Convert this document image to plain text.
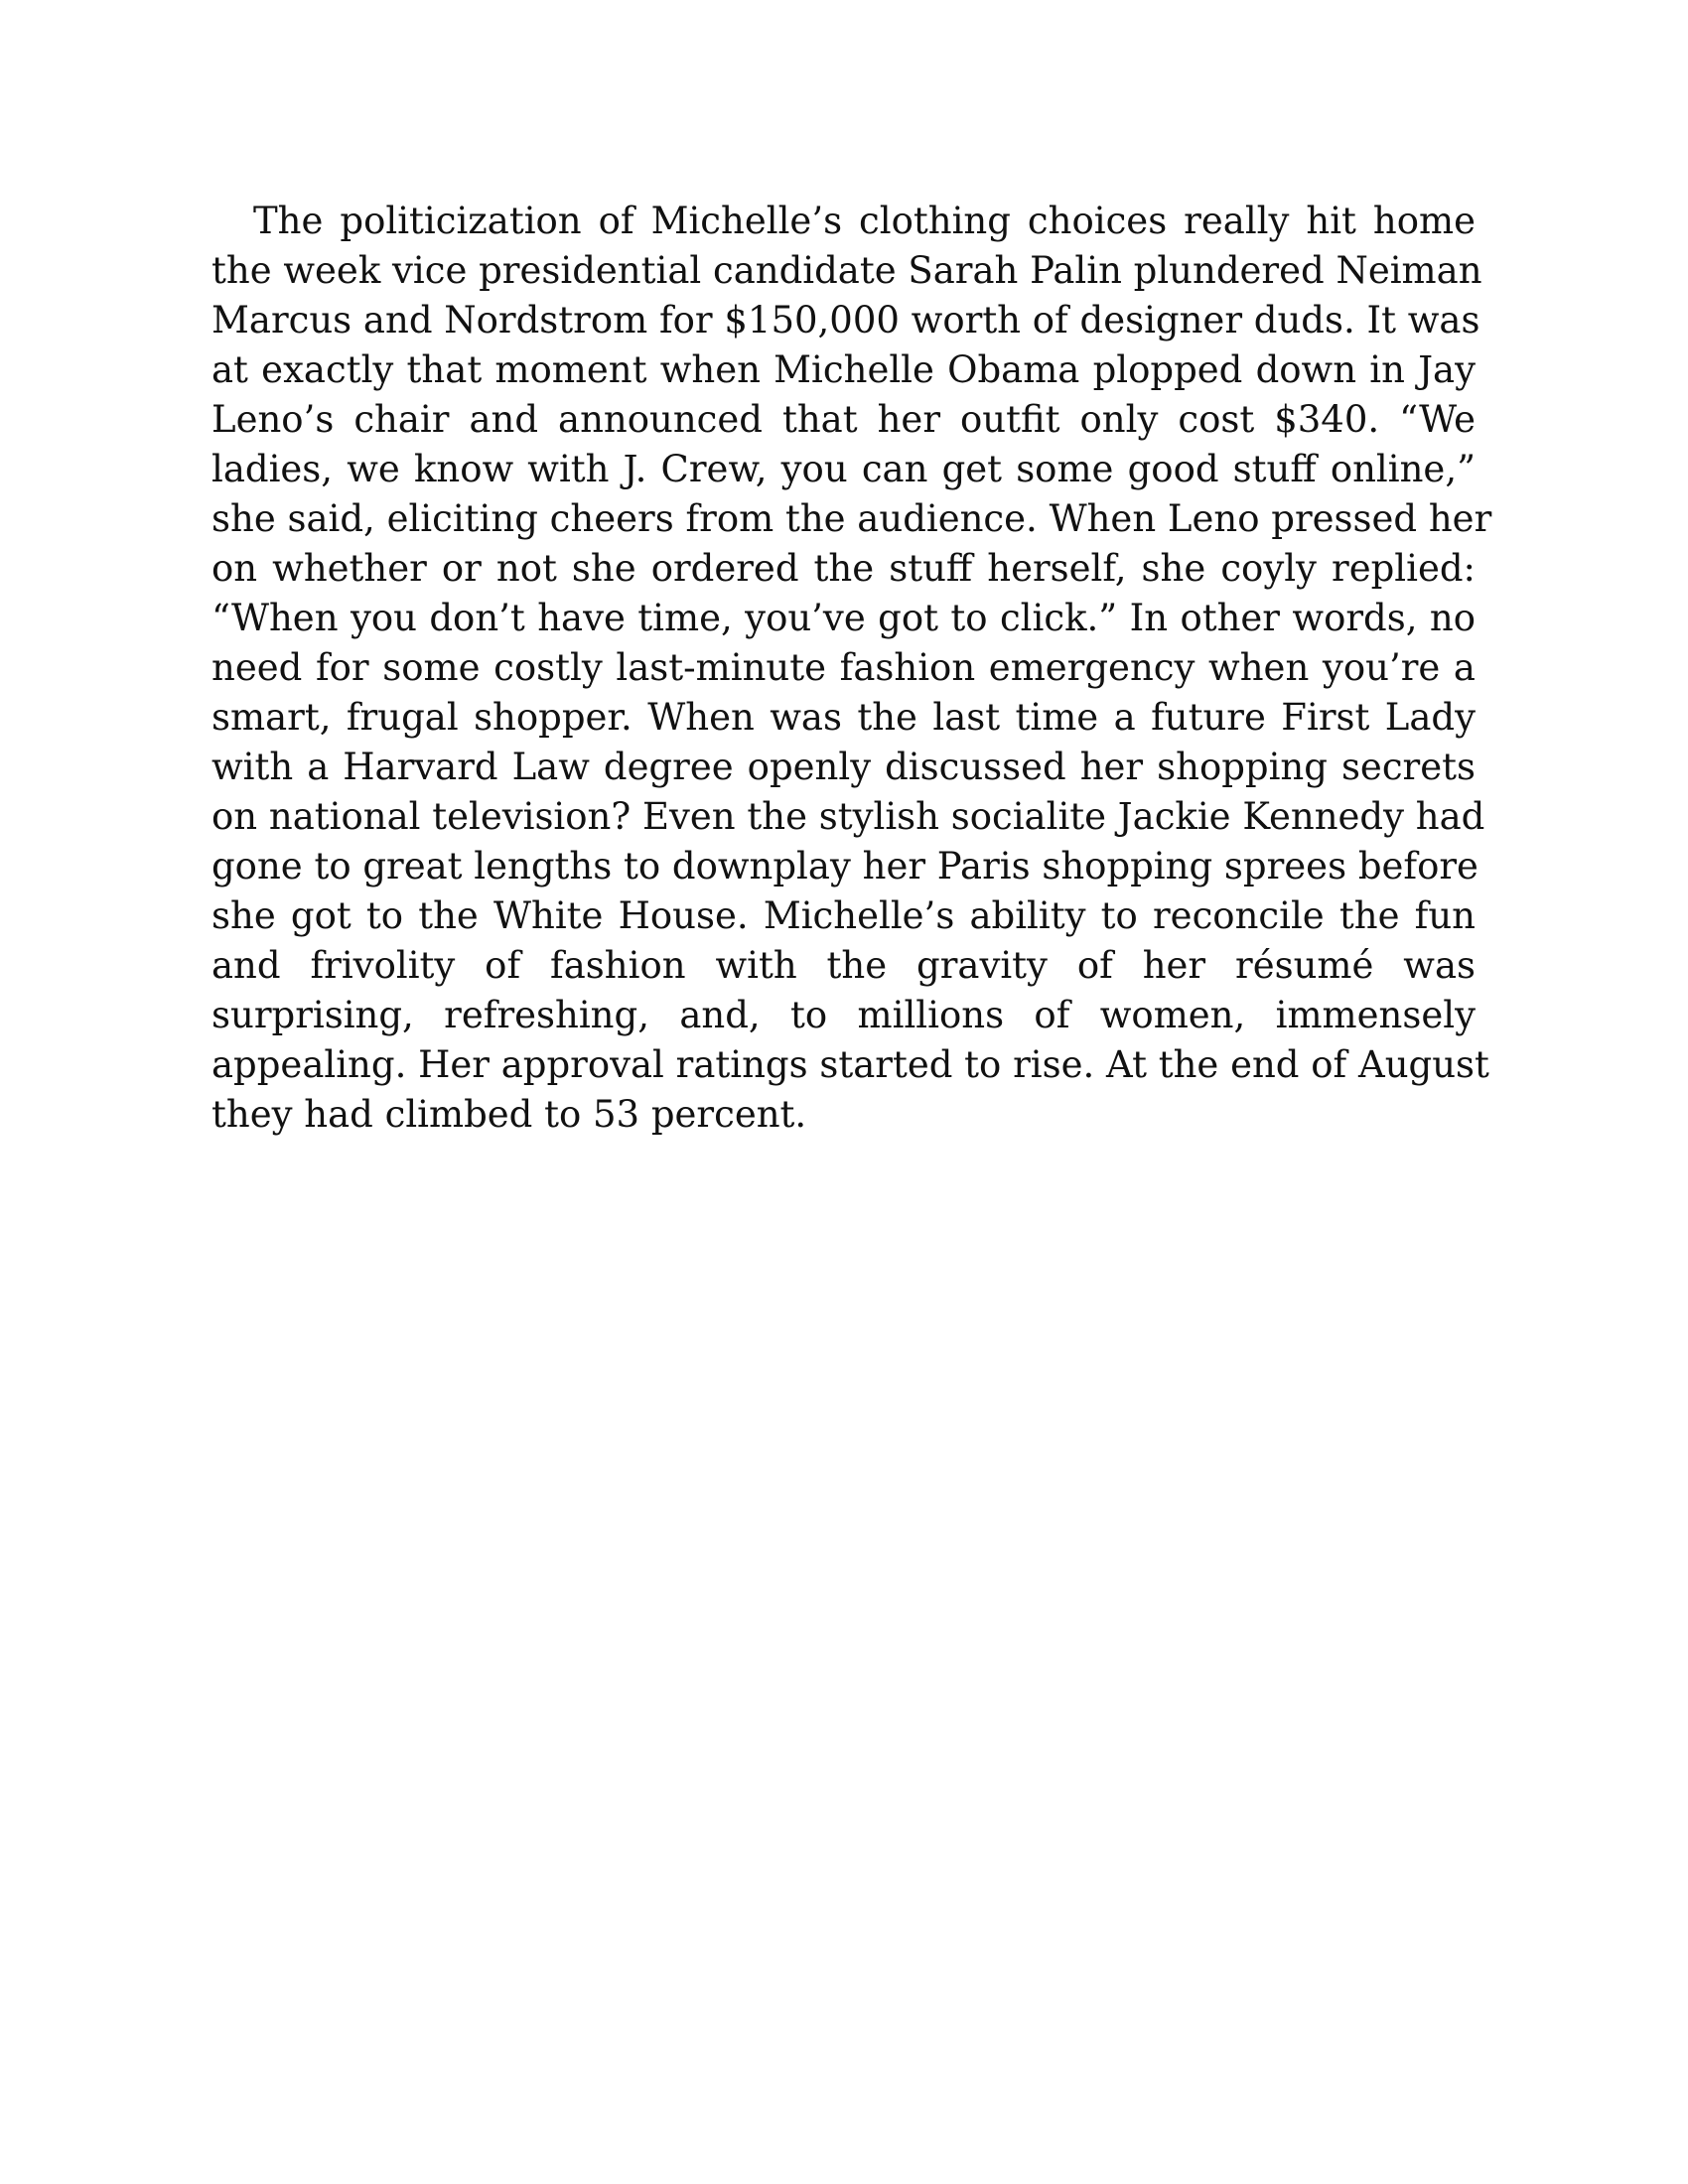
The politicization of Michelle’s clothing choices really hit home
the week vice presidential candidate Sarah Palin plundered Neiman
Marcus and Nordstrom for $150,000 worth of designer duds. It was
at exactly that moment when Michelle Obama plopped down in Jay
Leno’s chair and announced that her outfit only cost $340. “We
ladies, we know with J. Crew, you can get some good stuff online,”
she said, eliciting cheers from the audience. When Leno pressed her
on whether or not she ordered the stuff herself, she coyly replied:
“When you don’t have time, you’ve got to click.” In other words, no
need for some costly last-minute fashion emergency when you’re a
smart, frugal shopper. When was the last time a future First Lady
with a Harvard Law degree openly discussed her shopping secrets
on national television? Even the stylish socialite Jackie Kennedy had
gone to great lengths to downplay her Paris shopping sprees before
she got to the White House. Michelle’s ability to reconcile the fun
and frivolity of fashion with the gravity of her résumé was
surprising, refreshing, and, to millions of women, immensely
appealing. Her approval ratings started to rise. At the end of August
they had climbed to 53 percent.
